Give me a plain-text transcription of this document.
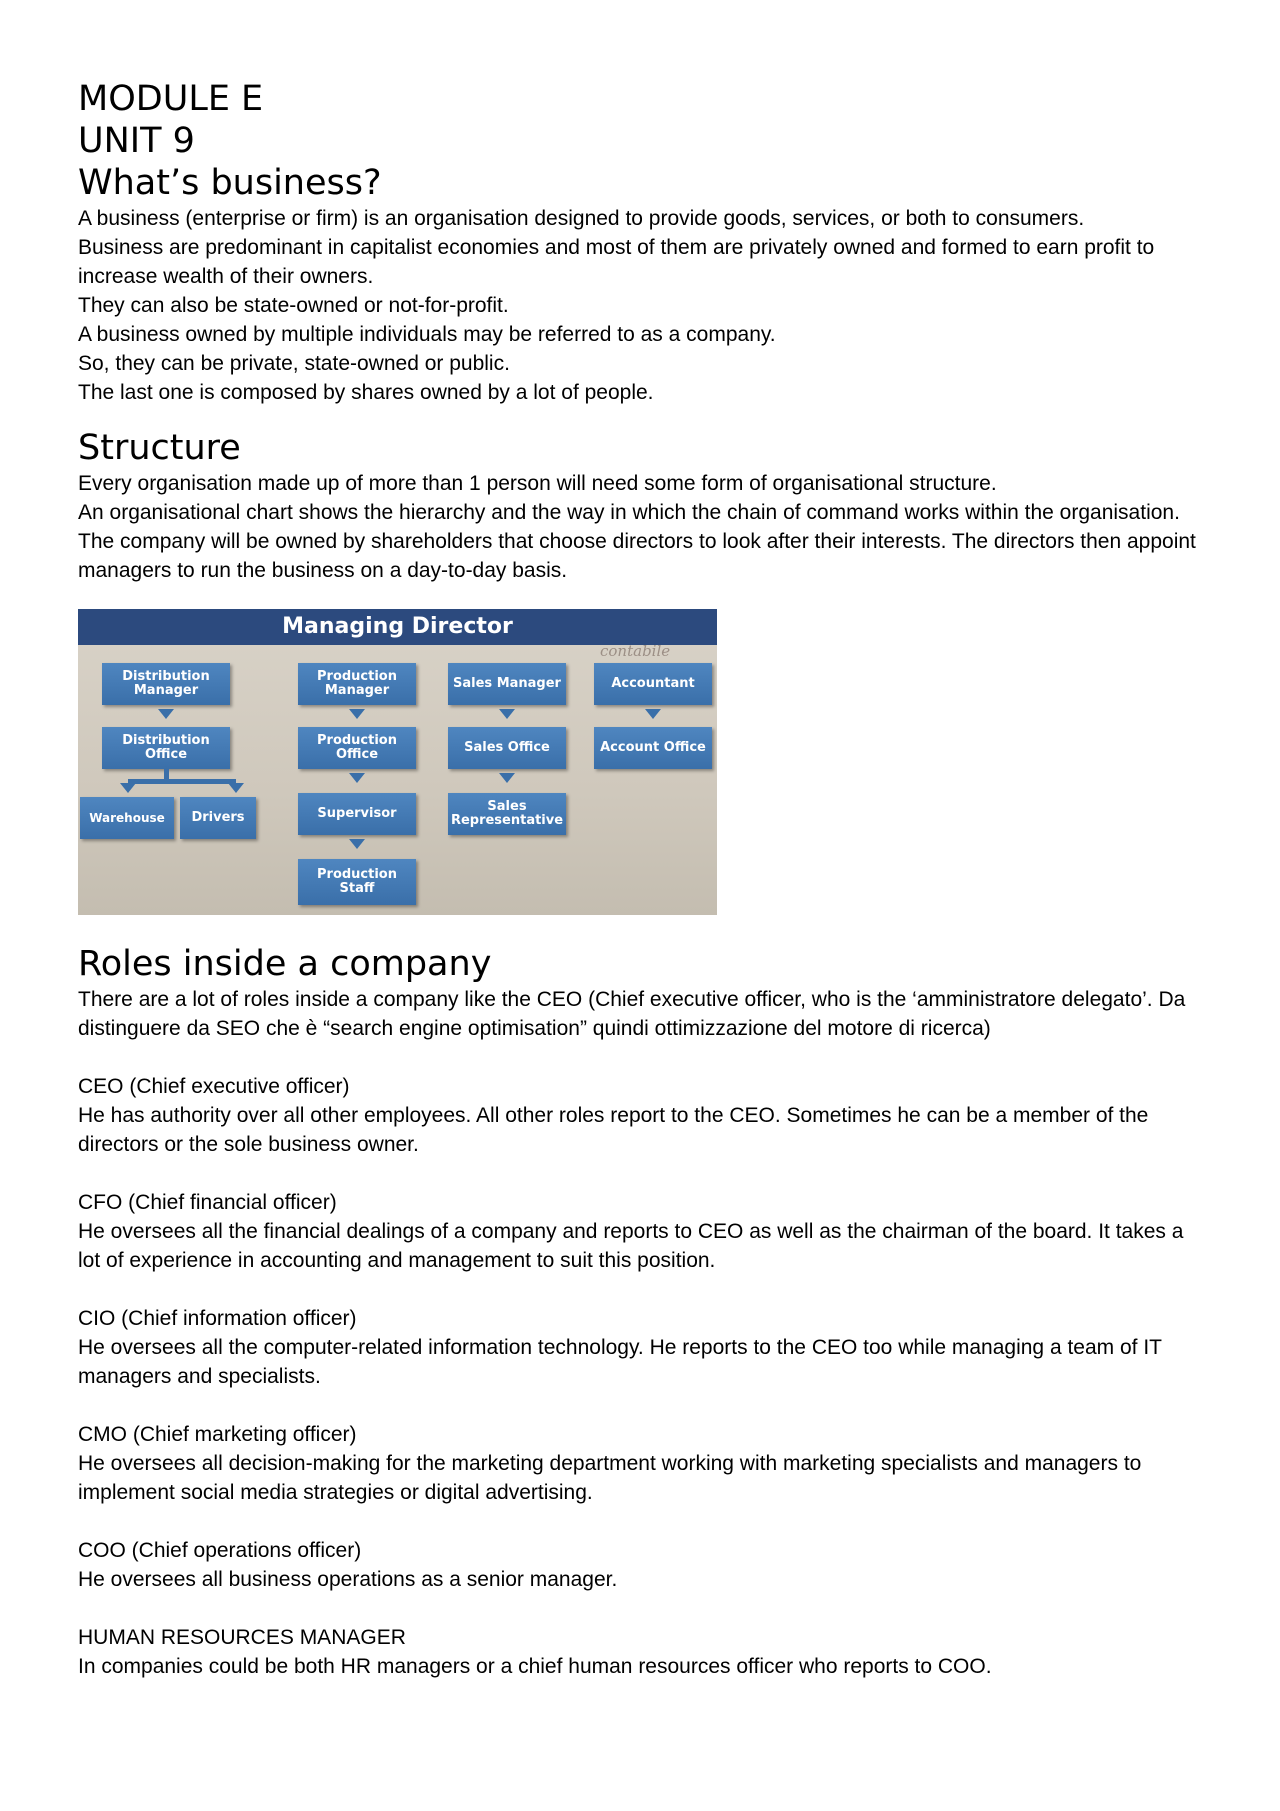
MODULE E
UNIT 9
What’s business?

A business (enterprise or firm) is an organisation designed to provide goods, services, or both to consumers.

Business are predominant in capitalist economies and most of them are privately owned and formed to earn profit to increase wealth of their owners.

They can also be state-owned or not-for-profit.

A business owned by multiple individuals may be referred to as a company.

So, they can be private, state-owned or public.

The last one is composed by shares owned by a lot of people.

Structure

Every organisation made up of more than 1 person will need some form of organisational structure.

An organisational chart shows the hierarchy and the way in which the chain of command works within the organisation.

The company will be owned by shareholders that choose directors to look after their interests. The directors then appoint managers to run the business on a day-to-day basis.

Managing Director
contabile
Distribution Manager
Production Manager	Sales Manager	Accountant
Distribution Office
Production Office	Sales Office	Account Office
Warehouse	Drivers	Supervisor	Sales Representative
Production Staff
Roles inside a company

There are a lot of roles inside a company like the CEO (Chief executive officer, who is the ‘amministratore delegato’. Da distinguere da SEO che è “search engine optimisation” quindi ottimizzazione del motore di ricerca)

CEO (Chief executive officer)

He has authority over all other employees. All other roles report to the CEO. Sometimes he can be a member of the directors or the sole business owner.

CFO (Chief financial officer)

He oversees all the financial dealings of a company and reports to CEO as well as the chairman of the board. It takes a lot of experience in accounting and management to suit this position.

CIO (Chief information officer)

He oversees all the computer-related information technology. He reports to the CEO too while managing a team of IT managers and specialists.

CMO (Chief marketing officer)

He oversees all decision-making for the marketing department working with marketing specialists and managers to implement social media strategies or digital advertising.

COO (Chief operations officer)

He oversees all business operations as a senior manager.

HUMAN RESOURCES MANAGER

In companies could be both HR managers or a chief human resources officer who reports to COO.
